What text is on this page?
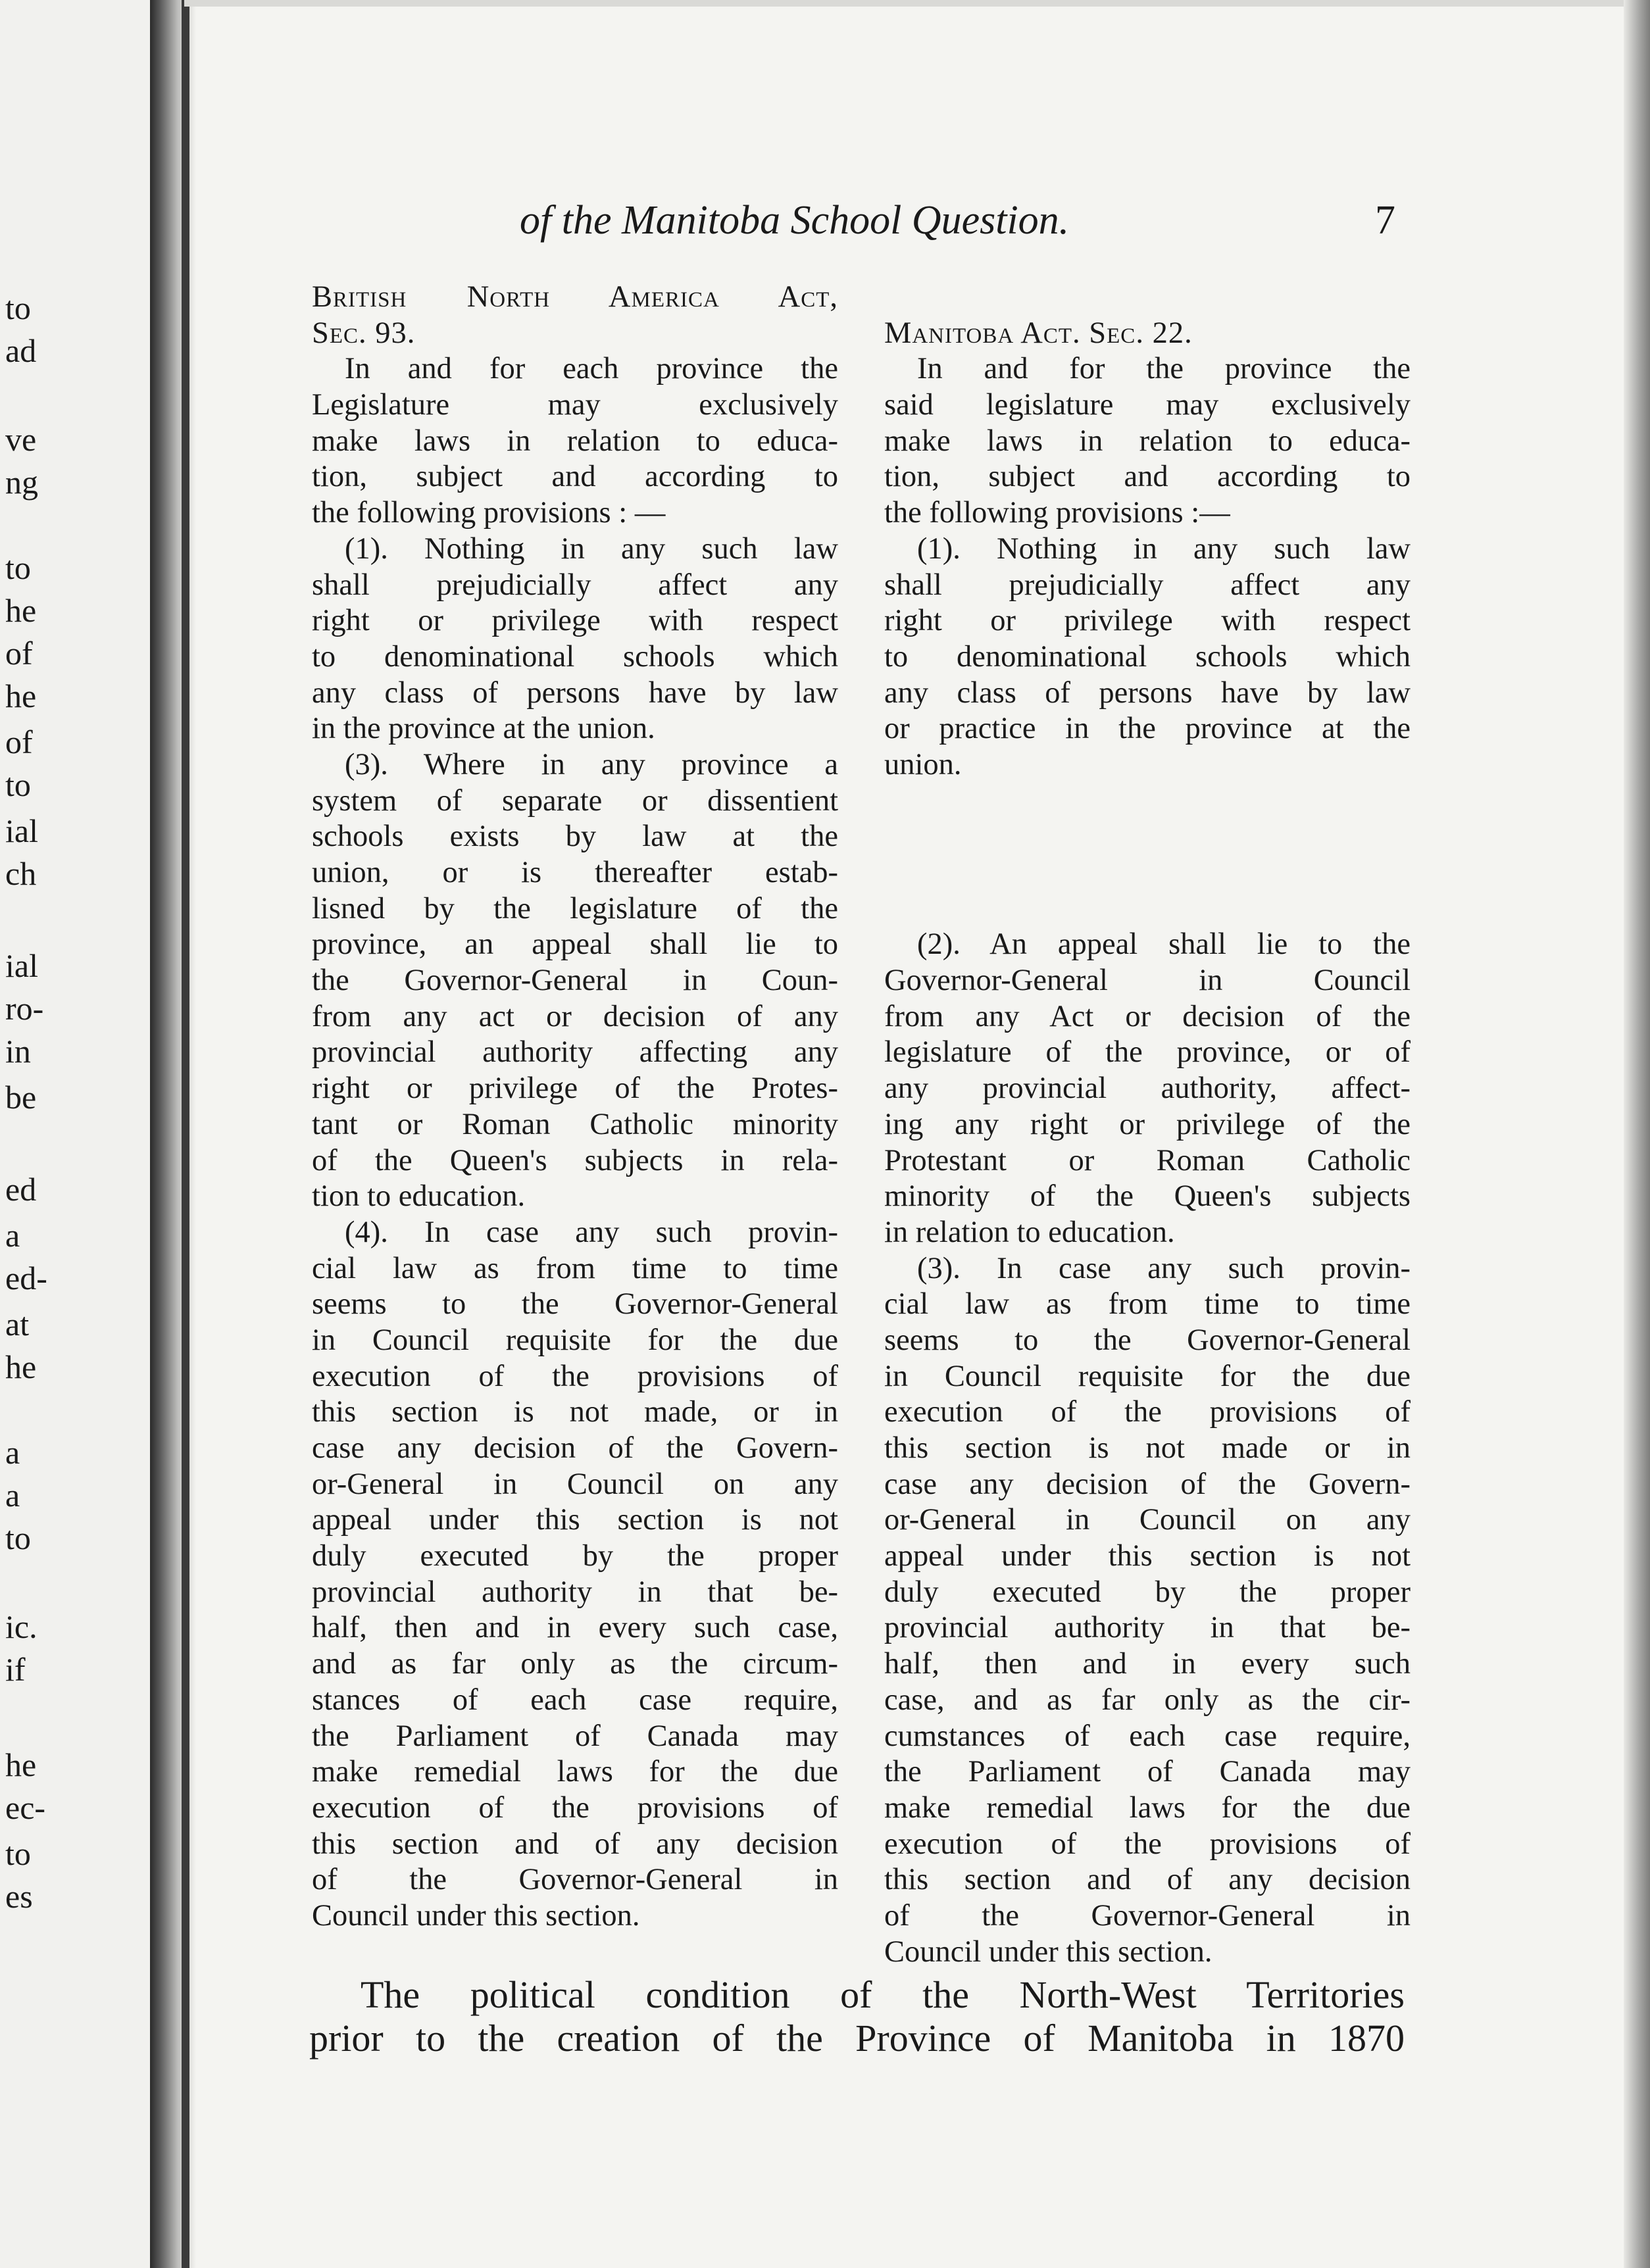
to
ad
ve
ng
to
he
of
he
of
to
ial
ch
ial
ro-
in
be
ed
a
ed-
at
he
a
a
to
ic.
if
he
ec-
to
es
of the Manitoba School Question.	7
British North America Act,
Sec. 93.
In and for each province the
Legislature may exclusively
make laws in relation to educa-
tion, subject and according to
the following provisions : —
(1). Nothing in any such law
shall prejudicially affect any
right or privilege with respect
to denominational schools which
any class of persons have by law
in the province at the union.
(3). Where in any province a
system of separate or dissentient
schools exists by law at the
union, or is thereafter estab-
lisned by the legislature of the
province, an appeal shall lie to
the Governor-General in Coun-
from any act or decision of any
provincial authority affecting any
right or privilege of the Protes-
tant or Roman Catholic minority
of the Queen's subjects in rela-
tion to education.
(4). In case any such provin-
cial law as from time to time
seems to the Governor-General
in Council requisite for the due
execution of the provisions of
this section is not made, or in
case any decision of the Govern-
or-General in Council on any
appeal under this section is not
duly executed by the proper
provincial authority in that be-
half, then and in every such case,
and as far only as the circum-
stances of each case require,
the Parliament of Canada may
make remedial laws for the due
execution of the provisions of
this section and of any decision
of the Governor-General in
Council under this section.
Manitoba Act. Sec. 22.
In and for the province the
said legislature may exclusively
make laws in relation to educa-
tion, subject and according to
the following provisions :—
(1). Nothing in any such law
shall prejudicially affect any
right or privilege with respect
to denominational schools which
any class of persons have by law
or practice in the province at the
union.
(2). An appeal shall lie to the
Governor-General in Council
from any Act or decision of the
legislature of the province, or of
any provincial authority, affect-
ing any right or privilege of the
Protestant or Roman Catholic
minority of the Queen's subjects
in relation to education.
(3). In case any such provin-
cial law as from time to time
seems to the Governor-General
in Council requisite for the due
execution of the provisions of
this section is not made or in
case any decision of the Govern-
or-General in Council on any
appeal under this section is not
duly executed by the proper
provincial authority in that be-
half, then and in every such
case, and as far only as the cir-
cumstances of each case require,
the Parliament of Canada may
make remedial laws for the due
execution of the provisions of
this section and of any decision
of the Governor-General in
Council under this section.
The political condition of the North-West Territories
prior to the creation of the Province of Manitoba in 1870
